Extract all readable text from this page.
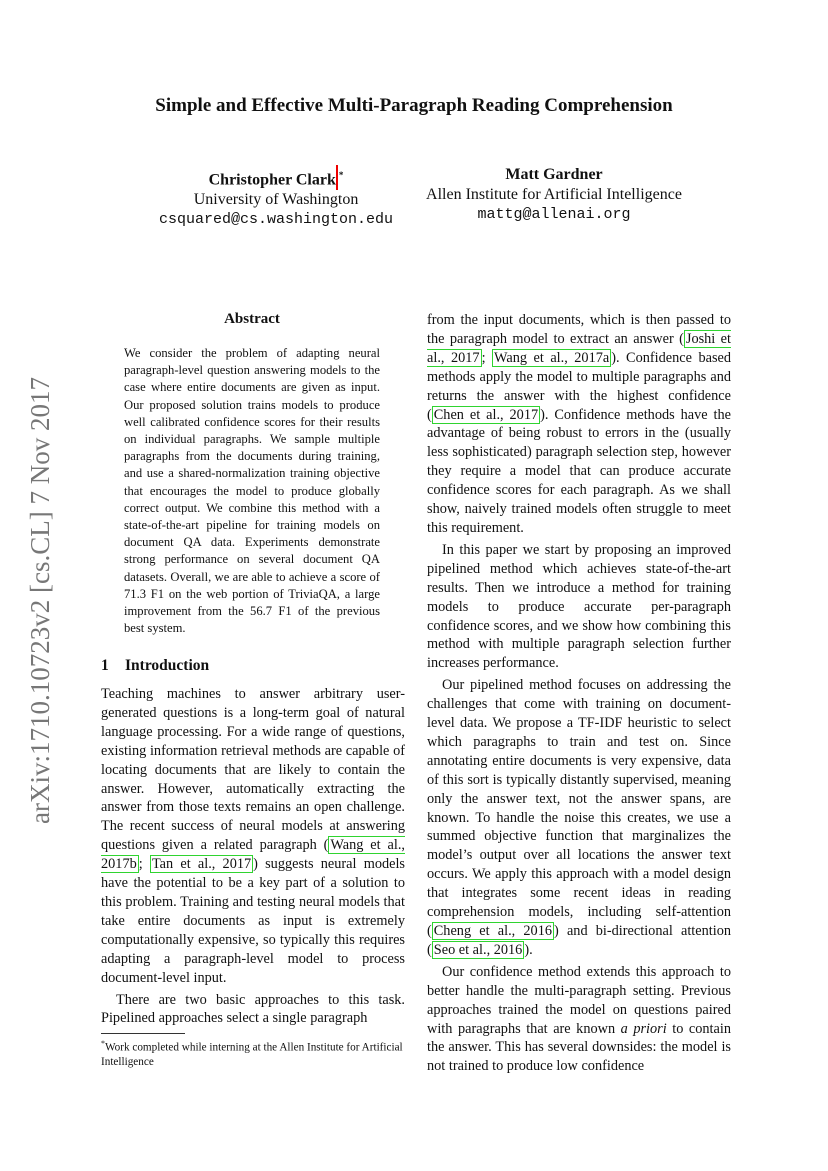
arXiv:1710.10723v2 [cs.CL] 7 Nov 2017
Simple and Effective Multi-Paragraph Reading Comprehension
Christopher Clark *
University of Washington
csquared@cs.washington.edu
Matt Gardner
Allen Institute for Artificial Intelligence
mattg@allenai.org
Abstract

We consider the problem of adapting neural paragraph-level question answering models to the case where entire documents are given as input. Our proposed solution trains models to produce well calibrated confidence scores for their results on individual paragraphs. We sample multiple paragraphs from the documents during training, and use a shared-normalization training objective that encourages the model to produce globally correct output. We combine this method with a state-of-the-art pipeline for training models on document QA data. Experiments demonstrate strong performance on several document QA datasets. Overall, we are able to achieve a score of 71.3 F1 on the web portion of TriviaQA, a large improvement from the 56.7 F1 of the previous best system.

1 Introduction

Teaching machines to answer arbitrary user-generated questions is a long-term goal of natural language processing. For a wide range of questions, existing information retrieval methods are capable of locating documents that are likely to contain the answer. However, automatically extracting the answer from those texts remains an open challenge. The recent success of neural models at answering questions given a related paragraph ( Wang et al., 2017b ; Tan et al., 2017 ) suggests neural models have the potential to be a key part of a solution to this problem. Training and testing neural models that take entire documents as input is extremely computationally expensive, so typically this requires adapting a paragraph-level model to process document-level input.

There are two basic approaches to this task. Pipelined approaches select a single paragraph

from the input documents, which is then passed to the paragraph model to extract an answer ( Joshi et al., 2017 ; Wang et al., 2017a ). Confidence based methods apply the model to multiple paragraphs and returns the answer with the highest confidence ( Chen et al., 2017 ). Confidence methods have the advantage of being robust to errors in the (usually less sophisticated) paragraph selection step, however they require a model that can produce accurate confidence scores for each paragraph. As we shall show, naively trained models often struggle to meet this requirement.

In this paper we start by proposing an improved pipelined method which achieves state-of-the-art results. Then we introduce a method for training models to produce accurate per-paragraph confidence scores, and we show how combining this method with multiple paragraph selection further increases performance.

Our pipelined method focuses on addressing the challenges that come with training on document-level data. We propose a TF-IDF heuristic to select which paragraphs to train and test on. Since annotating entire documents is very expensive, data of this sort is typically distantly supervised, meaning only the answer text, not the answer spans, are known. To handle the noise this creates, we use a summed objective function that marginalizes the model’s output over all locations the answer text occurs. We apply this approach with a model design that integrates some recent ideas in reading comprehension models, including self-attention ( Cheng et al., 2016 ) and bi-directional attention ( Seo et al., 2016 ).

Our confidence method extends this approach to better handle the multi-paragraph setting. Previous approaches trained the model on questions paired with paragraphs that are known a priori to contain the answer. This has several downsides: the model is not trained to produce low confidence

*Work completed while interning at the Allen Institute for Artificial Intelligence
